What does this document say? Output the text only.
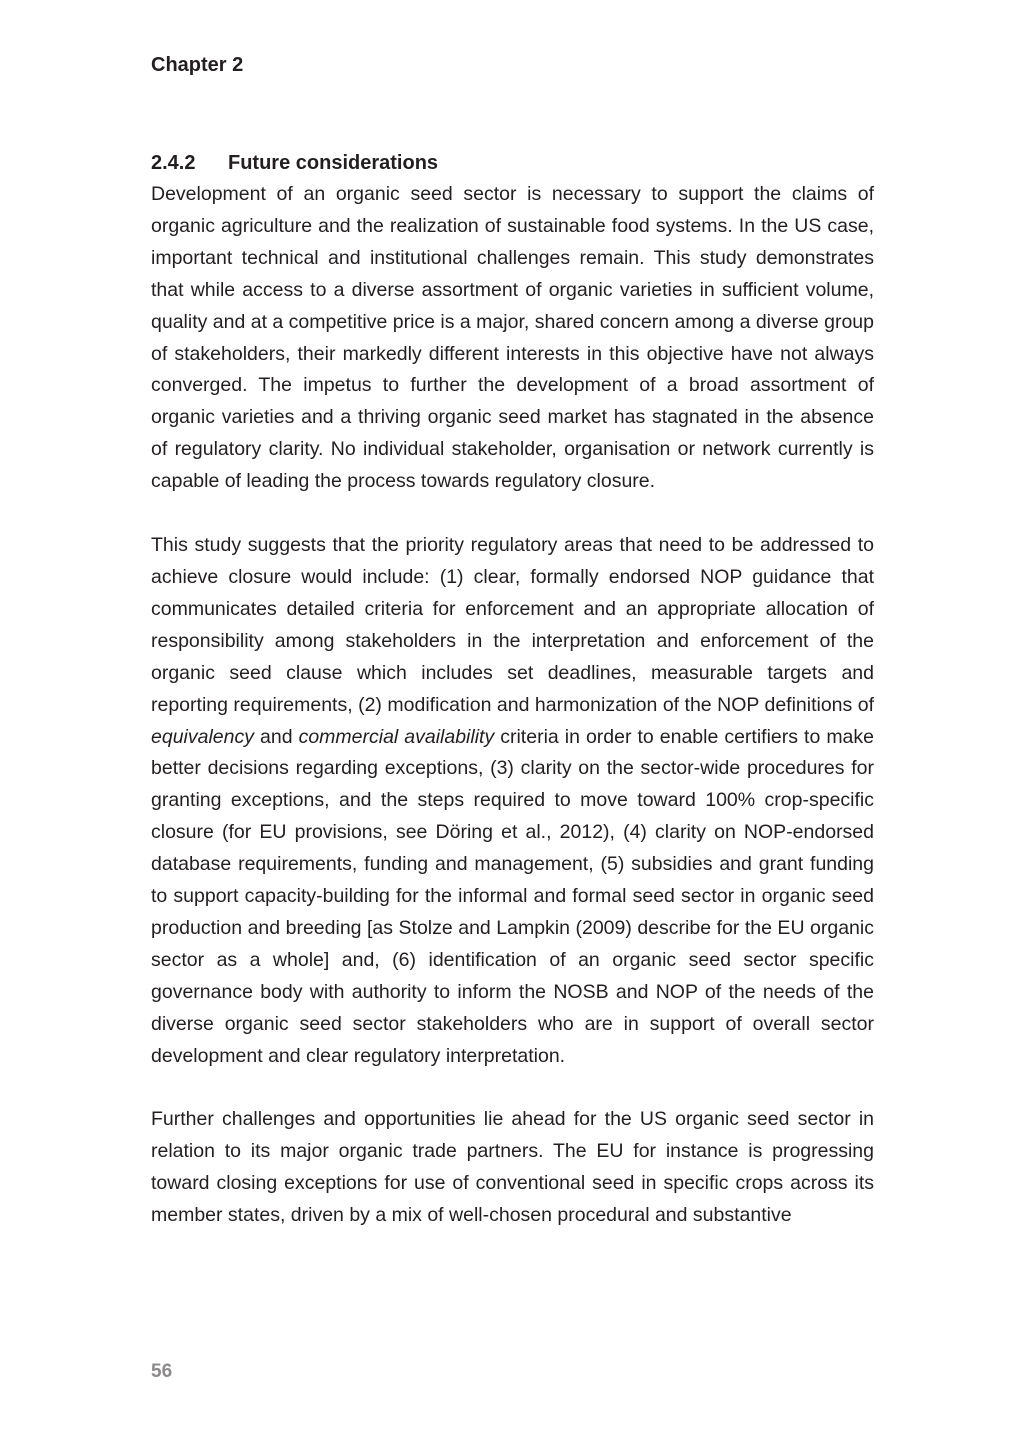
Chapter 2
2.4.2 Future considerations

Development of an organic seed sector is necessary to support the claims of organic agriculture and the realization of sustainable food systems. In the US case, important technical and institutional challenges remain. This study demonstrates that while access to a diverse assortment of organic varieties in sufficient volume, quality and at a competitive price is a major, shared concern among a diverse group of stakeholders, their markedly different interests in this objective have not always converged. The impetus to further the development of a broad assortment of organic varieties and a thriving organic seed market has stagnated in the absence of regulatory clarity. No individual stakeholder, organisation or network currently is capable of leading the process towards regulatory closure.

This study suggests that the priority regulatory areas that need to be addressed to achieve closure would include: (1) clear, formally endorsed NOP guidance that communicates detailed criteria for enforcement and an appropriate allocation of responsibility among stakeholders in the interpretation and enforcement of the organic seed clause which includes set deadlines, measurable targets and reporting requirements, (2) modification and harmonization of the NOP definitions of equivalency and commercial availability criteria in order to enable certifiers to make better decisions regarding exceptions, (3) clarity on the sector-wide procedures for granting exceptions, and the steps required to move toward 100% crop-specific closure (for EU provisions, see Döring et al., 2012), (4) clarity on NOP-endorsed database requirements, funding and management, (5) subsidies and grant funding to support capacity-building for the informal and formal seed sector in organic seed production and breeding [as Stolze and Lampkin (2009) describe for the EU organic sector as a whole] and, (6) identification of an organic seed sector specific governance body with authority to inform the NOSB and NOP of the needs of the diverse organic seed sector stakeholders who are in support of overall sector development and clear regulatory interpretation.

Further challenges and opportunities lie ahead for the US organic seed sector in relation to its major organic trade partners. The EU for instance is progressing toward closing exceptions for use of conventional seed in specific crops across its member states, driven by a mix of well-chosen procedural and substantive

56
